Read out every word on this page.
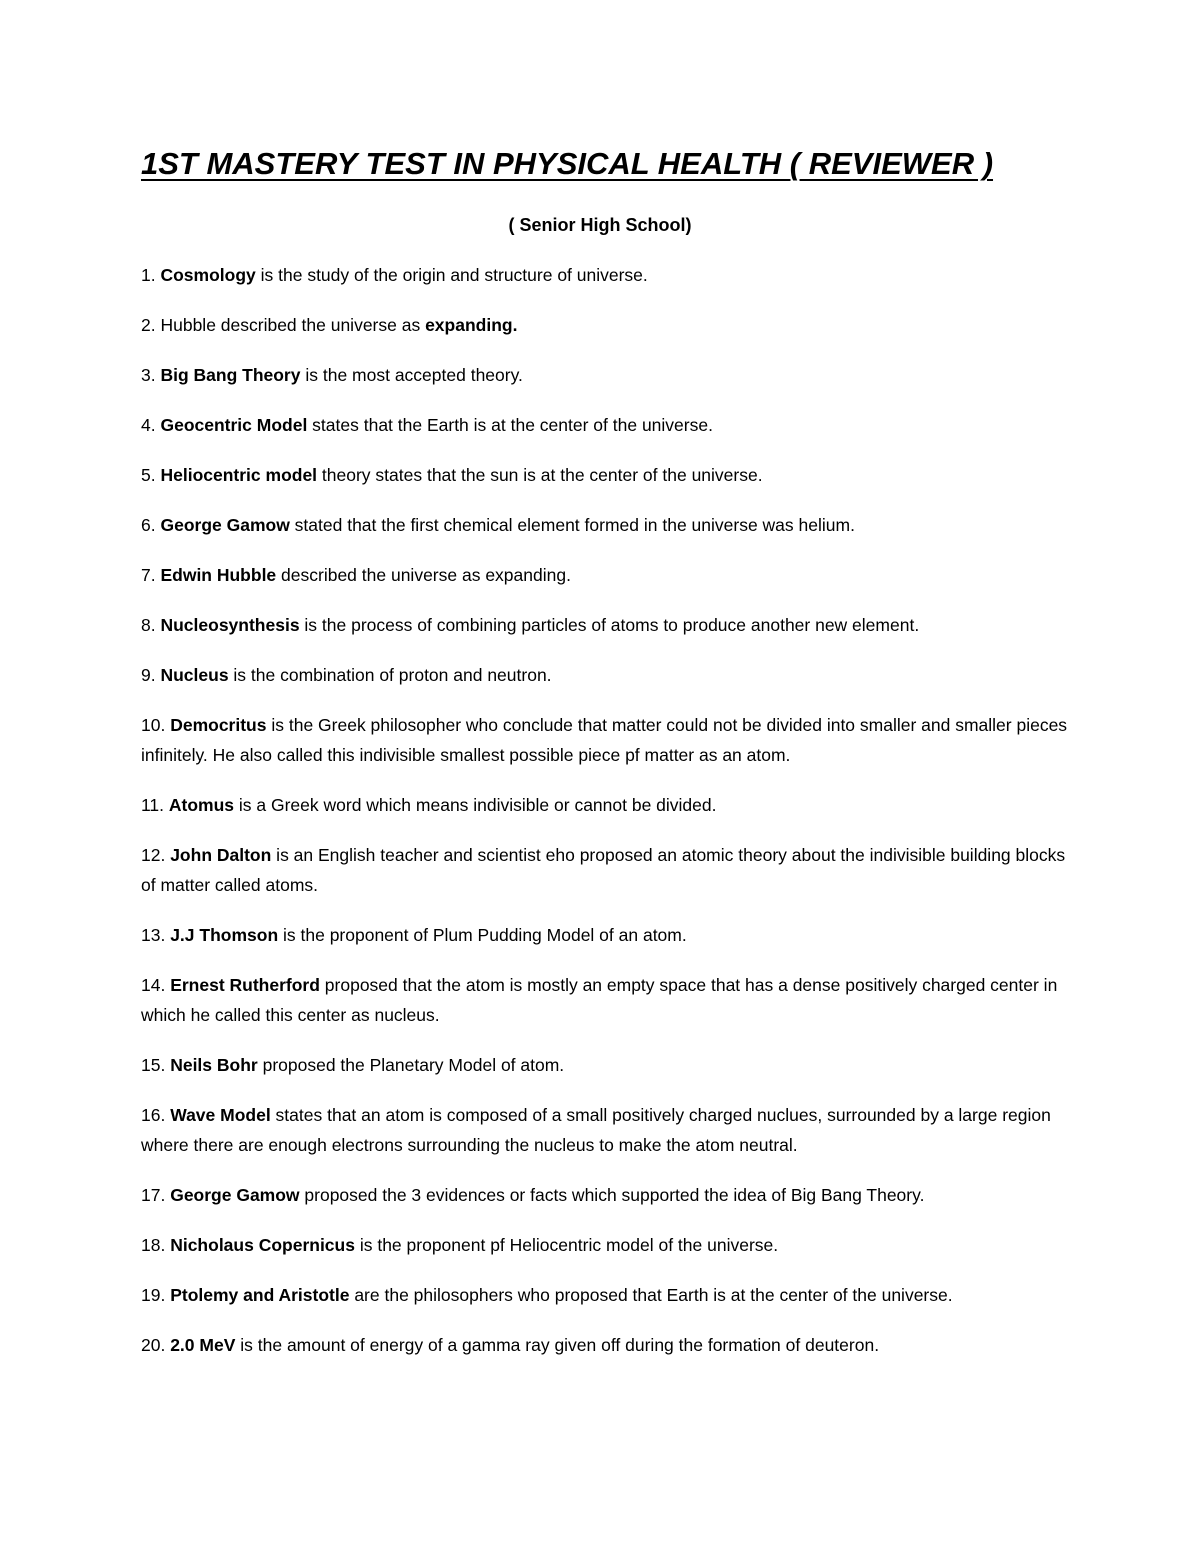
1ST MASTERY TEST IN PHYSICAL HEALTH ( REVIEWER )

( Senior High School)

1. Cosmology is the study of the origin and structure of universe.
2. Hubble described the universe as expanding.
3. Big Bang Theory is the most accepted theory.
4. Geocentric Model states that the Earth is at the center of the universe.
5. Heliocentric model theory states that the sun is at the center of the universe.
6. George Gamow stated that the first chemical element formed in the universe was helium.
7. Edwin Hubble described the universe as expanding.
8. Nucleosynthesis is the process of combining particles of atoms to produce another new element.
9. Nucleus is the combination of proton and neutron.
10. Democritus is the Greek philosopher who conclude that matter could not be divided into smaller and smaller pieces infinitely. He also called this indivisible smallest possible piece pf matter as an atom.
11. Atomus is a Greek word which means indivisible or cannot be divided.
12. John Dalton is an English teacher and scientist eho proposed an atomic theory about the indivisible building blocks of matter called atoms.
13. J.J Thomson is the proponent of Plum Pudding Model of an atom.
14. Ernest Rutherford proposed that the atom is mostly an empty space that has a dense positively charged center in which he called this center as nucleus.
15. Neils Bohr proposed the Planetary Model of atom.
16. Wave Model states that an atom is composed of a small positively charged nuclues, surrounded by a large region where there are enough electrons surrounding the nucleus to make the atom neutral.
17. George Gamow proposed the 3 evidences or facts which supported the idea of Big Bang Theory.
18. Nicholaus Copernicus is the proponent pf Heliocentric model of the universe.
19. Ptolemy and Aristotle are the philosophers who proposed that Earth is at the center of the universe.
20. 2.0 MeV is the amount of energy of a gamma ray given off during the formation of deuteron.
